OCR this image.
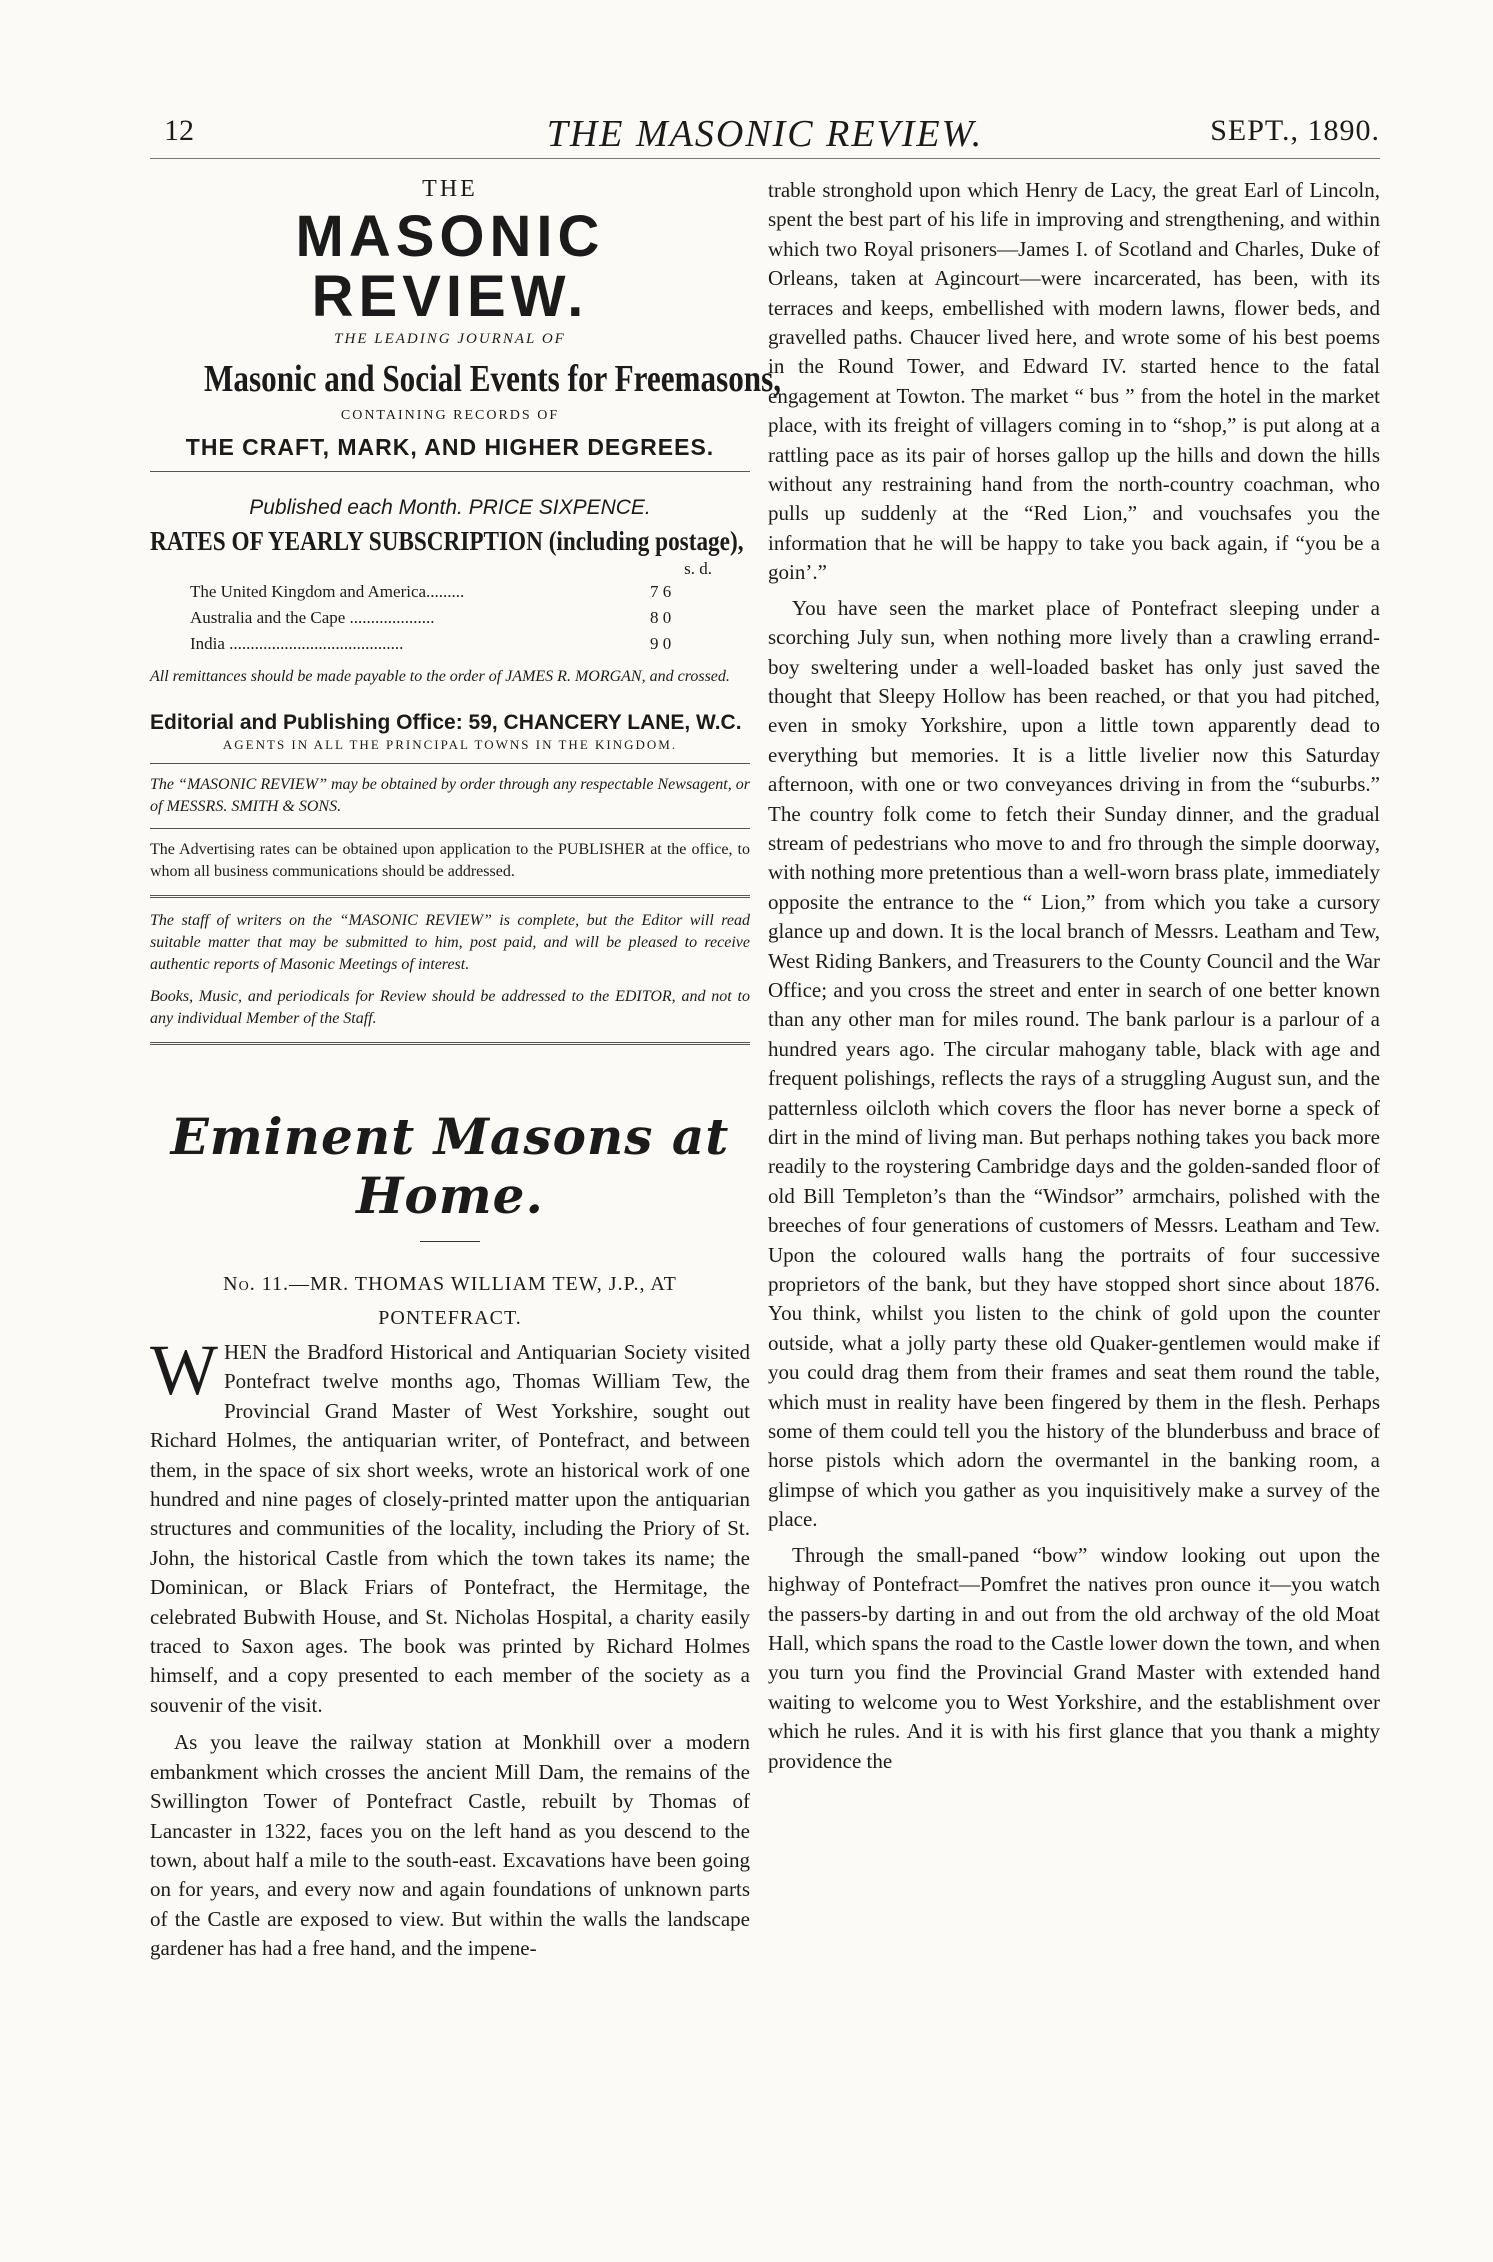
12	THE MASONIC REVIEW.	SEPT., 1890.
THE
MASONIC REVIEW.
THE LEADING JOURNAL OF
Masonic and Social Events for Freemasons,
CONTAINING RECORDS OF
THE CRAFT, MARK, AND HIGHER DEGREES.
Published each Month. PRICE SIXPENCE.
RATES OF YEARLY SUBSCRIPTION (including postage),
s. d.
The United Kingdom and America.........	7 6
Australia and the Cape ....................	8 0
India .........................................	9 0
All remittances should be made payable to the order of JAMES R. MORGAN, and crossed.
Editorial and Publishing Office: 59, CHANCERY LANE, W.C.
AGENTS IN ALL THE PRINCIPAL TOWNS IN THE KINGDOM.
The “MASONIC REVIEW” may be obtained by order through any respectable Newsagent, or of MESSRS. SMITH & SONS.
The Advertising rates can be obtained upon application to the PUBLISHER at the office, to whom all business communications should be addressed.
The staff of writers on the “MASONIC REVIEW” is complete, but the Editor will read suitable matter that may be submitted to him, post paid, and will be pleased to receive authentic reports of Masonic Meetings of interest.
Books, Music, and periodicals for Review should be addressed to the EDITOR, and not to any individual Member of the Staff.
Eminent Masons at Home.
No. 11.—MR. THOMAS WILLIAM TEW, J.P., AT
PONTEFRACT.

WHEN the Bradford Historical and Antiquarian Society visited Pontefract twelve months ago, Thomas William Tew, the Provincial Grand Master of West Yorkshire, sought out Richard Holmes, the antiquarian writer, of Pontefract, and between them, in the space of six short weeks, wrote an historical work of one hundred and nine pages of closely-printed matter upon the antiquarian structures and communities of the locality, including the Priory of St. John, the historical Castle from which the town takes its name; the Dominican, or Black Friars of Pontefract, the Hermitage, the celebrated Bubwith House, and St. Nicholas Hospital, a charity easily traced to Saxon ages. The book was printed by Richard Holmes himself, and a copy presented to each member of the society as a souvenir of the visit.

As you leave the railway station at Monkhill over a modern embankment which crosses the ancient Mill Dam, the remains of the Swillington Tower of Pontefract Castle, rebuilt by Thomas of Lancaster in 1322, faces you on the left hand as you descend to the town, about half a mile to the south-east. Excavations have been going on for years, and every now and again foundations of unknown parts of the Castle are exposed to view. But within the walls the landscape gardener has had a free hand, and the impene-

trable stronghold upon which Henry de Lacy, the great Earl of Lincoln, spent the best part of his life in improving and strengthening, and within which two Royal prisoners—James I. of Scotland and Charles, Duke of Orleans, taken at Agincourt—were incarcerated, has been, with its terraces and keeps, embellished with modern lawns, flower beds, and gravelled paths. Chaucer lived here, and wrote some of his best poems in the Round Tower, and Edward IV. started hence to the fatal engagement at Towton. The market “ bus ” from the hotel in the market place, with its freight of villagers coming in to “shop,” is put along at a rattling pace as its pair of horses gallop up the hills and down the hills without any restraining hand from the north-country coachman, who pulls up suddenly at the “Red Lion,” and vouchsafes you the information that he will be happy to take you back again, if “you be a goin’.”

You have seen the market place of Pontefract sleeping under a scorching July sun, when nothing more lively than a crawling errand-boy sweltering under a well-loaded basket has only just saved the thought that Sleepy Hollow has been reached, or that you had pitched, even in smoky Yorkshire, upon a little town apparently dead to everything but memories. It is a little livelier now this Saturday afternoon, with one or two conveyances driving in from the “suburbs.” The country folk come to fetch their Sunday dinner, and the gradual stream of pedestrians who move to and fro through the simple doorway, with nothing more pretentious than a well-worn brass plate, immediately opposite the entrance to the “ Lion,” from which you take a cursory glance up and down. It is the local branch of Messrs. Leatham and Tew, West Riding Bankers, and Treasurers to the County Council and the War Office; and you cross the street and enter in search of one better known than any other man for miles round. The bank parlour is a parlour of a hundred years ago. The circular mahogany table, black with age and frequent polishings, reflects the rays of a struggling August sun, and the patternless oilcloth which covers the floor has never borne a speck of dirt in the mind of living man. But perhaps nothing takes you back more readily to the roystering Cambridge days and the golden-sanded floor of old Bill Templeton’s than the “Windsor” armchairs, polished with the breeches of four generations of customers of Messrs. Leatham and Tew. Upon the coloured walls hang the portraits of four successive proprietors of the bank, but they have stopped short since about 1876. You think, whilst you listen to the chink of gold upon the counter outside, what a jolly party these old Quaker-gentlemen would make if you could drag them from their frames and seat them round the table, which must in reality have been fingered by them in the flesh. Perhaps some of them could tell you the history of the blunderbuss and brace of horse pistols which adorn the overmantel in the banking room, a glimpse of which you gather as you inquisitively make a survey of the place.

Through the small-paned “bow” window looking out upon the highway of Pontefract—Pomfret the natives pron ounce it—you watch the passers-by darting in and out from the old archway of the old Moat Hall, which spans the road to the Castle lower down the town, and when you turn you find the Provincial Grand Master with extended hand waiting to welcome you to West Yorkshire, and the establishment over which he rules. And it is with his first glance that you thank a mighty providence the
